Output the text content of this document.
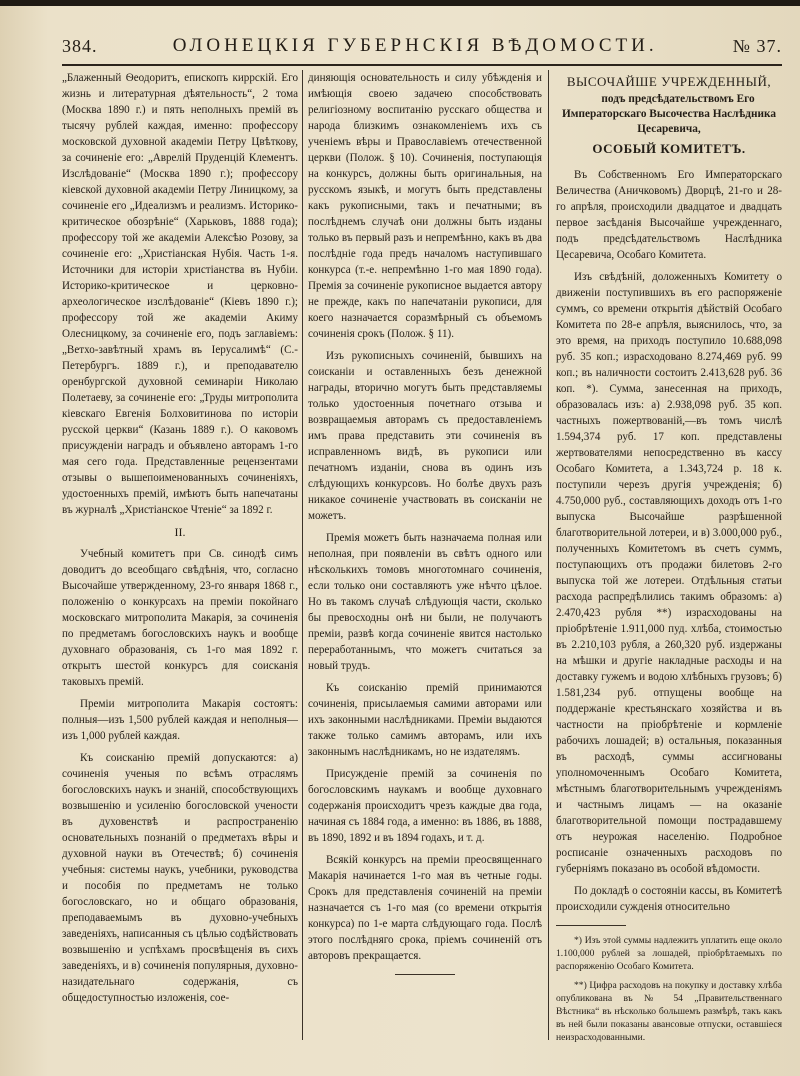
384.	ОЛОНЕЦКІЯ ГУБЕРНСКІЯ ВѢДОМОСТИ.	№ 37.

„Блаженный Ѳеодоритъ, епископъ киррскій. Его жизнь и литературная дѣятельность“, 2 тома (Москва 1890 г.) и пять неполныхъ премій въ тысячу рублей каждая, именно: профессору московской духовной академіи Петру Цвѣткову, за сочиненіе его: „Аврелій Пруденцій Клементъ. Изслѣдованіе“ (Москва 1890 г.); профессору кіевской духовной академіи Петру Линицкому, за сочиненіе его „Идеализмъ и реализмъ. Историко-критическое обозрѣніе“ (Харьковъ, 1888 года); профессору той же академіи Алексѣю Розову, за сочиненіе его: „Христіанская Нубія. Часть 1-я. Источники для исторіи христіанства въ Нубіи. Историко-критическое и церковно-археологическое изслѣдованіе“ (Кіевъ 1890 г.); профессору той же академіи Акиму Олесницкому, за сочиненіе его, подъ заглавіемъ: „Ветхо-завѣтный храмъ въ Іерусалимѣ“ (С.-Петербургъ. 1889 г.), и преподавателю оренбургской духовной семинаріи Николаю Полетаеву, за сочиненіе его: „Труды митрополита кіевскаго Евгенія Болховитинова по исторіи русской церкви“ (Казань 1889 г.). О каковомъ присужденіи наградъ и объявлено авторамъ 1-го мая сего года. Представленные рецензентами отзывы о вышепоименованныхъ сочиненіяхъ, удостоенныхъ премій, имѣютъ быть напечатаны въ журналѣ „Христіанское Чтеніе“ за 1892 г.

II.

Учебный комитетъ при Св. синодѣ симъ доводитъ до всеобщаго свѣдѣнія, что, согласно Высочайше утвержденному, 23-го января 1868 г., положенію о конкурсахъ на преміи покойнаго московскаго митрополита Макарія, за сочиненія по предметамъ богословскихъ наукъ и вообще духовнаго образованія, съ 1-го мая 1892 г. открытъ шестой конкурсъ для соисканія таковыхъ премій.

Преміи митрополита Макарія состоятъ: полныя—изъ 1,500 рублей каждая и неполныя—изъ 1,000 рублей каждая.

Къ соисканію премій допускаются: а) сочиненія ученыя по всѣмъ отраслямъ богословскихъ наукъ и знаній, способствующихъ возвышенію и усиленію богословской учености въ духовенствѣ и распространенію основательныхъ познаній о предметахъ вѣры и духовной науки въ Отечествѣ; б) сочиненія учебныя: системы наукъ, учебники, руководства и пособія по предметамъ не только богословскаго, но и общаго образованія, преподаваемымъ въ духовно-учебныхъ заведеніяхъ, написанныя съ цѣлью содѣйствовать возвышенію и успѣхамъ просвѣщенія въ сихъ заведеніяхъ, и в) сочиненія популярныя, духовно-назидательнаго содержанія, съ общедоступностью изложенія, сое-

диняющія основательность и силу убѣжденія и имѣющія своею задачею способствовать религіозному воспитанію русскаго общества и народа близкимъ ознакомленіемъ ихъ съ ученіемъ вѣры и Православіемъ отечественной церкви (Полож. § 10). Сочиненія, поступающія на конкурсъ, должны быть оригинальныя, на русскомъ языкѣ, и могутъ быть представлены какъ рукописными, такъ и печатными; въ послѣднемъ случаѣ они должны быть изданы только въ первый разъ и непремѣнно, какъ въ два послѣдніе года предъ началомъ наступившаго конкурса (т.-е. непремѣнно 1-го мая 1890 года). Премія за сочиненіе рукописное выдается автору не прежде, какъ по напечатаніи рукописи, для коего назначается соразмѣрный съ объемомъ сочиненія срокъ (Полож. § 11).

Изъ рукописныхъ сочиненій, бывшихъ на соисканіи и оставленныхъ безъ денежной награды, вторично могутъ быть представляемы только удостоенныя почетнаго отзыва и возвращаемыя авторамъ съ предоставленіемъ имъ права представить эти сочиненія въ исправленномъ видѣ, въ рукописи или печатномъ изданіи, снова въ одинъ изъ слѣдующихъ конкурсовъ. Но болѣе двухъ разъ никакое сочиненіе участвовать въ соисканіи не можетъ.

Премія можетъ быть назначаема полная или неполная, при появленіи въ свѣтъ одного или нѣсколькихъ томовъ многотомнаго сочиненія, если только они составляютъ уже нѣчто цѣлое. Но въ такомъ случаѣ слѣдующія части, сколько бы превосходны онѣ ни были, не получаютъ преміи, развѣ когда сочиненіе явится настолько переработаннымъ, что можетъ считаться за новый трудъ.

Къ соисканію премій принимаются сочиненія, присылаемыя самими авторами или ихъ законными наслѣдниками. Преміи выдаются также только самимъ авторамъ, или ихъ законнымъ наслѣдникамъ, но не издателямъ.

Присужденіе премій за сочиненія по богословскимъ наукамъ и вообще духовнаго содержанія происходитъ чрезъ каждые два года, начиная съ 1884 года, а именно: въ 1886, въ 1888, въ 1890, 1892 и въ 1894 годахъ, и т. д.

Всякій конкурсъ на преміи преосвященнаго Макарія начинается 1-го мая въ четные годы. Срокъ для представленія сочиненій на преміи назначается съ 1-го мая (со времени открытія конкурса) по 1-е марта слѣдующаго года. Послѣ этого послѣдняго срока, пріемъ сочиненій отъ авторовъ прекращается.

ВЫСОЧАЙШЕ УЧРЕЖДЕННЫЙ,

подъ предсѣдательствомъ Его Императорскаго Высочества Наслѣдника Цесаревича,

ОСОБЫЙ КОМИТЕТЪ.

Въ Собственномъ Его Императорскаго Величества (Аничковомъ) Дворцѣ, 21-го и 28-го апрѣля, происходили двадцатое и двадцать первое засѣданія Высочайше учрежденнаго, подъ предсѣдательствомъ Наслѣдника Цесаревича, Особаго Комитета.

Изъ свѣдѣній, доложенныхъ Комитету о движеніи поступившихъ въ его распоряженіе суммъ, со времени открытія дѣйствій Особаго Комитета по 28-е апрѣля, выяснилось, что, за это время, на приходъ поступило 10.688,098 руб. 35 коп.; израсходовано 8.274,469 руб. 99 коп.; въ наличности состоитъ 2.413,628 руб. 36 коп. *). Сумма, занесенная на приходъ, образовалась изъ: а) 2.938,098 руб. 35 коп. частныхъ пожертвованій,—въ томъ числѣ 1.594,374 руб. 17 коп. представлены жертвователями непосредственно въ кассу Особаго Комитета, а 1.343,724 р. 18 к. поступили черезъ другія учрежденія; б) 4.750,000 руб., составляющихъ доходъ отъ 1-го выпуска Высочайше разрѣшенной благотворительной лотереи, и в) 3.000,000 руб., полученныхъ Комитетомъ въ счетъ суммъ, поступающихъ отъ продажи билетовъ 2-го выпуска той же лотереи. Отдѣльныя статьи расхода распредѣлились такимъ образомъ: а) 2.470,423 рубля **) израсходованы на пріобрѣтеніе 1.911,000 пуд. хлѣба, стоимостью въ 2.210,103 рубля, а 260,320 руб. издержаны на мѣшки и другіе накладные расходы и на доставку гужемъ и водою хлѣбныхъ грузовъ; б) 1.581,234 руб. отпущены вообще на поддержаніе крестьянскаго хозяйства и въ частности на пріобрѣтеніе и кормленіе рабочихъ лошадей; в) остальныя, показанныя въ расходѣ, суммы ассигнованы уполномоченнымъ Особаго Комитета, мѣстнымъ благотворительнымъ учрежденіямъ и частнымъ лицамъ — на оказаніе благотворительной помощи пострадавшему отъ неурожая населенію. Подробное росписаніе означенныхъ расходовъ по губерніямъ показано въ особой вѣдомости.

По докладѣ о состояніи кассы, въ Комитетѣ происходили сужденія относительно

*) Изъ этой суммы надлежитъ уплатить еще около 1.100,000 рублей за лошадей, пріобрѣтаемыхъ по распоряженію Особаго Комитета.

**) Цифра расходовъ на покупку и доставку хлѣба опубликована въ № 54 „Правительственнаго Вѣстника“ въ нѣсколько большемъ размѣрѣ, такъ какъ въ ней были показаны авансовые отпуски, оставшіеся неизрасходованными.
